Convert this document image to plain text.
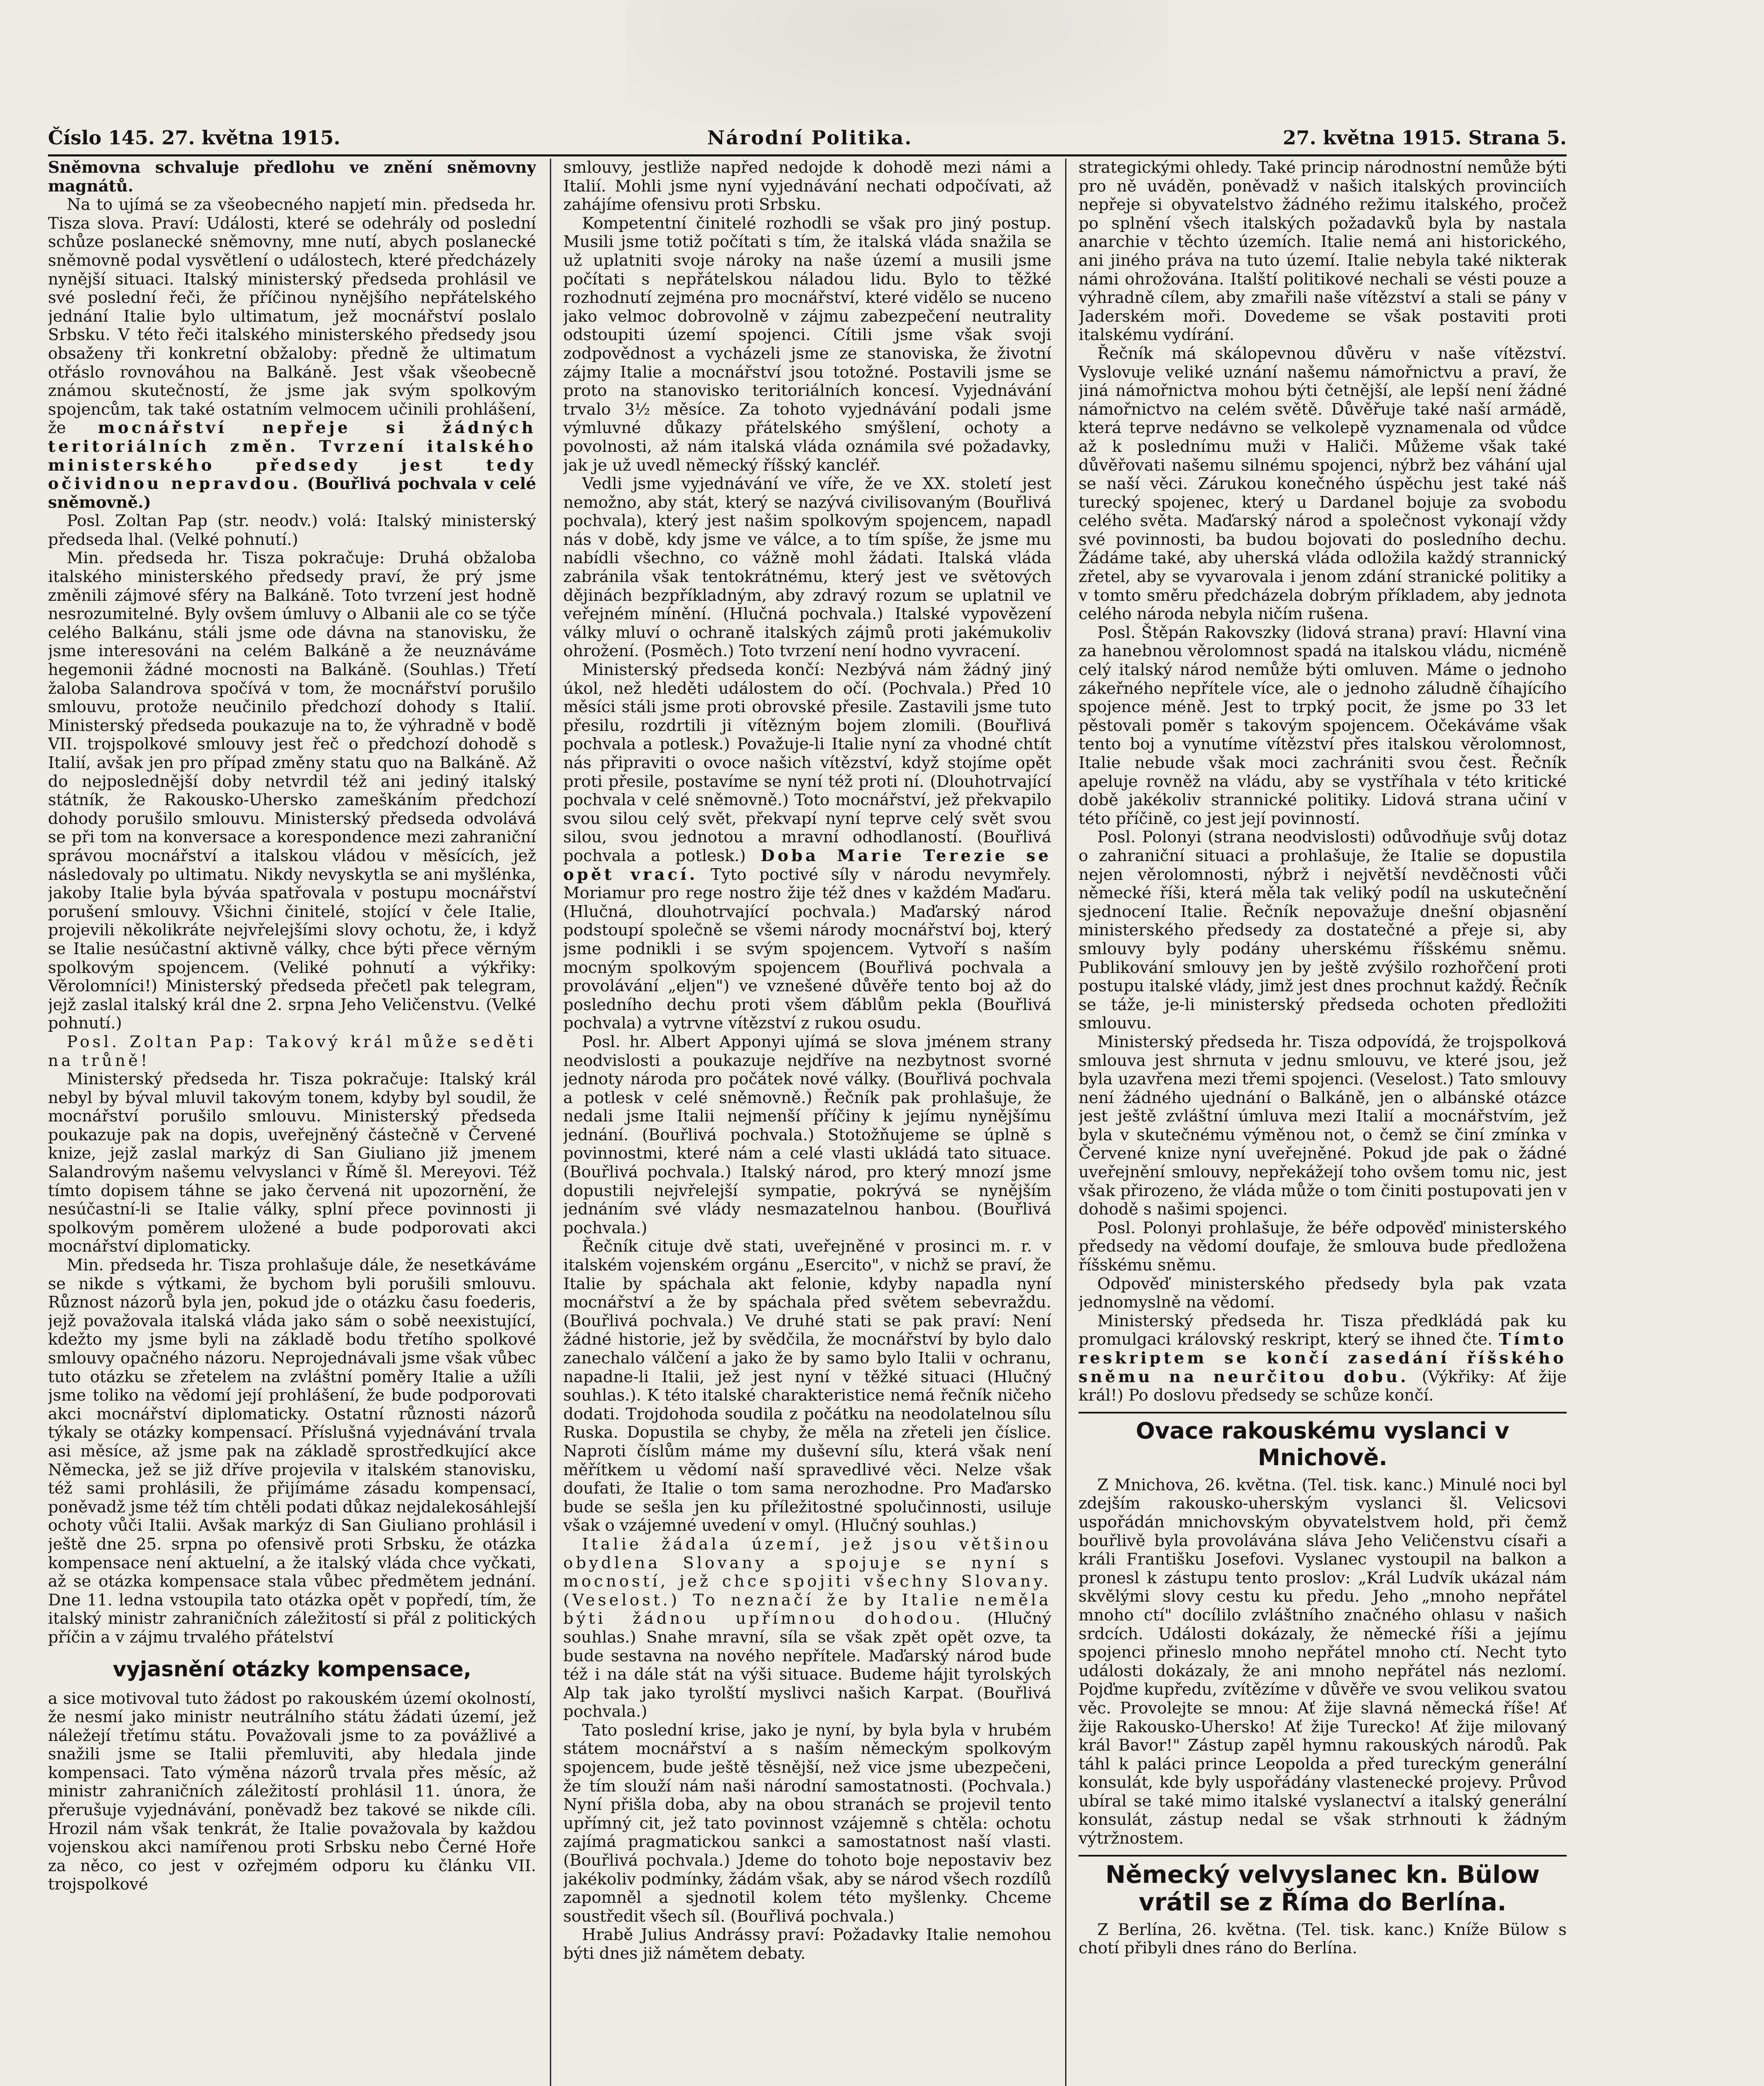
Číslo 145. 27. května 1915.	Národní Politika.	27. května 1915. Strana 5.

Sněmovna schvaluje předlohu ve znění sněmovny magnátů.

Na to ujímá se za všeobecného napjetí min. předseda hr. Tisza slova. Praví: Události, které se odehrály od poslední schůze poslanecké sněmovny, mne nutí, abych poslanecké sněmovně podal vysvětlení o událostech, které předcházely nynější situaci. Italský ministerský předseda prohlásil ve své poslední řeči, že příčinou nynějšího nepřátelského jednání Italie bylo ultimatum, jež mocnářství poslalo Srbsku. V této řeči italského ministerského předsedy jsou obsaženy tři konkretní obžaloby: předně že ultimatum otřáslo rovnováhou na Balkáně. Jest však všeobecně známou skutečností, že jsme jak svým spolkovým spojencům, tak také ostatním velmocem učinili prohlášení, že mocnářství nepřeje si žádných teritoriálních změn. Tvrzení italského ministerského předsedy jest tedy očividnou nepravdou. (Bouřlivá pochvala v celé sněmovně.)

Posl. Zoltan Pap (str. neodv.) volá: Italský ministerský předseda lhal. (Velké pohnutí.)

Min. předseda hr. Tisza pokračuje: Druhá obžaloba italského ministerského předsedy praví, že prý jsme změnili zájmové sféry na Balkáně. Toto tvrzení jest hodně nesrozumitelné. Byly ovšem úmluvy o Albanii ale co se týče celého Balkánu, stáli jsme ode dávna na stanovisku, že jsme interesováni na celém Balkáně a že neuznáváme hegemonii žádné mocnosti na Balkáně. (Souhlas.) Třetí žaloba Salandrova spočívá v tom, že mocnářství porušilo smlouvu, protože neučinilo předchozí dohody s Italií. Ministerský předseda poukazuje na to, že výhradně v bodě VII. trojspolkové smlouvy jest řeč o předchozí dohodě s Italií, avšak jen pro případ změny statu quo na Balkáně. Až do nejposlednější doby netvrdil též ani jediný italský státník, že Rakousko-Uhersko zameškáním předchozí dohody porušilo smlouvu. Ministerský předseda odvolává se při tom na konversace a korespondence mezi zahraniční správou mocnářství a italskou vládou v měsících, jež následovaly po ultimatu. Nikdy nevyskytla se ani myšlénka, jakoby Italie byla býváa spatřovala v postupu mocnářství porušení smlouvy. Všichni činitelé, stojící v čele Italie, projevili několikráte nejvřelejšími slovy ochotu, že, i když se Italie nesúčastní aktivně války, chce býti přece věrným spolkovým spojencem. (Veliké pohnutí a výkřiky: Věrolomníci!) Ministerský předseda přečetl pak telegram, jejž zaslal italský král dne 2. srpna Jeho Veličenstvu. (Velké pohnutí.)

Posl. Zoltan Pap: Takový král může seděti na trůně!

Ministerský předseda hr. Tisza pokračuje: Italský král nebyl by býval mluvil takovým tonem, kdyby byl soudil, že mocnářství porušilo smlouvu. Ministerský předseda poukazuje pak na dopis, uveřejněný částečně v Červené knize, jejž zaslal markýz di San Giuliano již jmenem Salandrovým našemu velvyslanci v Římě šl. Mereyovi. Též tímto dopisem táhne se jako červená nit upozornění, že nesúčastní-li se Italie války, splní přece povinnosti ji spolkovým poměrem uložené a bude podporovati akci mocnářství diplomaticky.

Min. předseda hr. Tisza prohlašuje dále, že nesetkáváme se nikde s výtkami, že bychom byli porušili smlouvu. Různost názorů byla jen, pokud jde o otázku času foederis, jejž považovala italská vláda jako sám o sobě neexistující, kdežto my jsme byli na základě bodu třetího spolkové smlouvy opačného názoru. Neprojednávali jsme však vůbec tuto otázku se zřetelem na zvláštní poměry Italie a užíli jsme toliko na vědomí její prohlášení, že bude podporovati akci mocnářství diplomaticky. Ostatní různosti názorů týkaly se otázky kompensací. Příslušná vyjednávání trvala asi měsíce, až jsme pak na základě sprostředkující akce Německa, jež se již dříve projevila v italském stanovisku, též sami prohlásili, že přijímáme zásadu kompensací, poněvadž jsme též tím chtěli podati důkaz nejdalekosáhlejší ochoty vůči Italii. Avšak markýz di San Giuliano prohlásil i ještě dne 25. srpna po ofensivě proti Srbsku, že otázka kompensace není aktuelní, a že italský vláda chce vyčkati, až se otázka kompensace stala vůbec předmětem jednání. Dne 11. ledna vstoupila tato otázka opět v popředí, tím, že italský ministr zahraničních záležitostí si přál z politických příčin a v zájmu trvalého přátelství

vyjasnění otázky kompensace,

a sice motivoval tuto žádost po rakouském území okolností, že nesmí jako ministr neutrálního státu žádati území, jež náležejí třetímu státu. Považovali jsme to za povážlivé a snažili jsme se Italii přemluviti, aby hledala jinde kompensaci. Tato výměna názorů trvala přes měsíc, až ministr zahraničních záležitostí prohlásil 11. února, že přerušuje vyjednávání, poněvadž bez takové se nikde cíli. Hrozil nám však tenkrát, že Italie považovala by každou vojenskou akci namířenou proti Srbsku nebo Černé Hoře za něco, co jest v ozřejmém odporu ku článku VII. trojspolkové

smlouvy, jestliže napřed nedojde k dohodě mezi námi a Italií. Mohli jsme nyní vyjednávání nechati odpočívati, až zahájíme ofensivu proti Srbsku.

Kompetentní činitelé rozhodli se však pro jiný postup. Musili jsme totiž počítati s tím, že italská vláda snažila se už uplatniti svoje nároky na naše území a musili jsme počítati s nepřátelskou náladou lidu. Bylo to těžké rozhodnutí zejména pro mocnářství, které vidělo se nuceno jako velmoc dobrovolně v zájmu zabezpečení neutrality odstoupiti území spojenci. Cítili jsme však svoji zodpovědnost a vycházeli jsme ze stanoviska, že životní zájmy Italie a mocnářství jsou totožné. Postavili jsme se proto na stanovisko teritoriálních koncesí. Vyjednávání trvalo 3½ měsíce. Za tohoto vyjednávání podali jsme výmluvné důkazy přátelského smýšlení, ochoty a povolnosti, až nám italská vláda oznámila své požadavky, jak je už uvedl německý říšský kancléř.

Vedli jsme vyjednávání ve víře, že ve XX. století jest nemožno, aby stát, který se nazývá civilisovaným (Bouřlivá pochvala), který jest našim spolkovým spojencem, napadl nás v době, kdy jsme ve válce, a to tím spíše, že jsme mu nabídli všechno, co vážně mohl žádati. Italská vláda zabránila však tentokrátnému, který jest ve světových dějinách bezpříkladným, aby zdravý rozum se uplatnil ve veřejném mínění. (Hlučná pochvala.) Italské vypovězení války mluví o ochraně italských zájmů proti jakémukoliv ohrožení. (Posměch.) Toto tvrzení není hodno vyvracení.

Ministerský předseda končí: Nezbývá nám žádný jiný úkol, než hleděti událostem do očí. (Pochvala.) Před 10 měsíci stáli jsme proti obrovské přesile. Zastavili jsme tuto přesilu, rozdrtili ji vítězným bojem zlomili. (Bouřlivá pochvala a potlesk.) Považuje-li Italie nyní za vhodné chtít nás připraviti o ovoce našich vítězství, když stojíme opět proti přesile, postavíme se nyní též proti ní. (Dlouhotrvající pochvala v celé sněmovně.) Toto mocnářství, jež překvapilo svou silou celý svět, překvapí nyní teprve celý svět svou silou, svou jednotou a mravní odhodlaností. (Bouřlivá pochvala a potlesk.) Doba Marie Terezie se opět vrací. Tyto poctivé síly v národu nevymřely. Moriamur pro rege nostro žije též dnes v každém Maďaru. (Hlučná, dlouhotrvající pochvala.) Maďarský národ podstoupí společně se všemi národy mocnářství boj, který jsme podnikli i se svým spojencem. Vytvoří s naším mocným spolkovým spojencem (Bouřlivá pochvala a provolávání „eljen") ve vznešené důvěře tento boj až do posledního dechu proti všem ďáblům pekla (Bouřlivá pochvala) a vytrvne vítězství z rukou osudu.

Posl. hr. Albert Apponyi ujímá se slova jménem strany neodvislosti a poukazuje nejdříve na nezbytnost svorné jednoty národa pro počátek nové války. (Bouřlivá pochvala a potlesk v celé sněmovně.) Řečník pak prohlašuje, že nedali jsme Italii nejmenší příčiny k jejímu nynějšímu jednání. (Bouřlivá pochvala.) Stotožňujeme se úplně s povinnostmi, které nám a celé vlasti ukládá tato situace. (Bouřlivá pochvala.) Italský národ, pro který mnozí jsme dopustili nejvřelejší sympatie, pokrývá se nynějším jednáním své vlády nesmazatelnou hanbou. (Bouřlivá pochvala.)

Řečník cituje dvě stati, uveřejněné v prosinci m. r. v italském vojenském orgánu „Esercito", v nichž se praví, že Italie by spáchala akt felonie, kdyby napadla nyní mocnářství a že by spáchala před světem sebevraždu. (Bouřlivá pochvala.) Ve druhé stati se pak praví: Není žádné historie, jež by svědčila, že mocnářství by bylo dalo zanechalo válčení a jako že by samo bylo Italii v ochranu, napadne-li Italii, jež jest nyní v těžké situaci (Hlučný souhlas.). K této italské charakteristice nemá řečník ničeho dodati. Trojdohoda soudila z počátku na neodolatelnou sílu Ruska. Dopustila se chyby, že měla na zřeteli jen číslice. Naproti číslům máme my duševní sílu, která však není měřítkem u vědomí naší spravedlivé věci. Nelze však doufati, že Italie o tom sama nerozhodne. Pro Maďarsko bude se sešla jen ku příležitostné spolučinnosti, usiluje však o vzájemné uvedení v omyl. (Hlučný souhlas.)

Italie žádala území, jež jsou většinou obydlena Slovany a spojuje se nyní s mocností, jež chce spojiti všechny Slovany. (Veselost.) To neznačí že by Italie neměla býti žádnou upřímnou dohodou. (Hlučný souhlas.) Snahe mravní, síla se však zpět opět ozve, ta bude sestavna na nového nepřítele. Maďarský národ bude též i na dále stát na výši situace. Budeme hájit tyrolských Alp tak jako tyrolští myslivci našich Karpat. (Bouřlivá pochvala.)

Tato poslední krise, jako je nyní, by byla byla v hrubém státem mocnářství a s naším německým spolkovým spojencem, bude ještě těsnější, než vice jsme ubezpečeni, že tím slouží nám naši národní samostatnosti. (Pochvala.) Nyní přišla doba, aby na obou stranách se projevil tento upřímný cit, jež tato povinnost vzájemně s chtěla: ochotu zajímá pragmatickou sankci a samostatnost naší vlasti. (Bouřlivá pochvala.) Jdeme do tohoto boje nepostaviv bez jakékoliv podmínky, žádám však, aby se národ všech rozdílů zapomněl a sjednotil kolem této myšlenky. Chceme soustředit všech síl. (Bouřlivá pochvala.)

Hrabě Julius Andrássy praví: Požadavky Italie nemohou býti dnes již námětem debaty.

strategickými ohledy. Také princip národnostní nemůže býti pro ně uváděn, poněvadž v našich italských provinciích nepřeje si obyvatelstvo žádného režimu italského, pročež po splnění všech italských požadavků byla by nastala anarchie v těchto územích. Italie nemá ani historického, ani jiného práva na tuto území. Italie nebyla také nikterak námi ohrožována. Italští politikové nechali se vésti pouze a výhradně cílem, aby zmařili naše vítězství a stali se pány v Jaderském moři. Dovedeme se však postaviti proti italskému vydírání.

Řečník má skálopevnou důvěru v naše vítězství. Vyslovuje veliké uznání našemu námořnictvu a praví, že jiná námořnictva mohou býti četnější, ale lepší není žádné námořnictvo na celém světě. Důvěřuje také naší armádě, která teprve nedávno se velkolepě vyznamenala od vůdce až k poslednímu muži v Haliči. Můžeme však také důvěřovati našemu silnému spojenci, nýbrž bez váhání ujal se naší věci. Zárukou konečného úspěchu jest také náš turecký spojenec, který u Dardanel bojuje za svobodu celého světa. Maďarský národ a společnost vykonají vždy své povinnosti, ba budou bojovati do posledního dechu. Žádáme také, aby uherská vláda odložila každý strannický zřetel, aby se vyvarovala i jenom zdání stranické politiky a v tomto směru předcházela dobrým příkladem, aby jednota celého národa nebyla ničím rušena.

Posl. Štěpán Rakovszky (lidová strana) praví: Hlavní vina za hanebnou věrolomnost spadá na italskou vládu, nicméně celý italský národ nemůže býti omluven. Máme o jednoho zákeřného nepřítele více, ale o jednoho záludně číhajícího spojence méně. Jest to trpký pocit, že jsme po 33 let pěstovali poměr s takovým spojencem. Očekáváme však tento boj a vynutíme vítězství přes italskou věrolomnost, Italie nebude však moci zachrániti svou čest. Řečník apeluje rovněž na vládu, aby se vystříhala v této kritické době jakékoliv strannické politiky. Lidová strana učiní v této příčině, co jest její povinností.

Posl. Polonyi (strana neodvislosti) odůvodňuje svůj dotaz o zahraniční situaci a prohlašuje, že Italie se dopustila nejen věrolomnosti, nýbrž i největší nevděčnosti vůči německé říši, která měla tak veliký podíl na uskutečnění sjednocení Italie. Řečník nepovažuje dnešní objasnění ministerského předsedy za dostatečné a přeje si, aby smlouvy byly podány uherskému říšskému sněmu. Publikování smlouvy jen by ještě zvýšilo rozhořčení proti postupu italské vlády, jimž jest dnes prochnut každý. Řečník se táže, je-li ministerský předseda ochoten předložiti smlouvu.

Ministerský předseda hr. Tisza odpovídá, že trojspolková smlouva jest shrnuta v jednu smlouvu, ve které jsou, jež byla uzavřena mezi třemi spojenci. (Veselost.) Tato smlouvy není žádného ujednání o Balkáně, jen o albánské otázce jest ještě zvláštní úmluva mezi Italií a mocnářstvím, jež byla v skutečnému výměnou not, o čemž se činí zmínka v Červené knize nyní uveřejněné. Pokud jde pak o žádné uveřejnění smlouvy, nepřekážejí toho ovšem tomu nic, jest však přirozeno, že vláda může o tom činiti postupovati jen v dohodě s našimi spojenci.

Posl. Polonyi prohlašuje, že béře odpověď ministerského předsedy na vědomí doufaje, že smlouva bude předložena říšskému sněmu.

Odpověď ministerského předsedy byla pak vzata jednomyslně na vědomí.

Ministerský předseda hr. Tisza předkládá pak ku promulgaci královský reskript, který se ihned čte. Tímto reskriptem se končí zasedání říšského sněmu na neurčitou dobu. (Výkřiky: Ať žije král!) Po doslovu předsedy se schůze končí.

Ovace rakouskému vyslanci v Mnichově.

Z Mnichova, 26. května. (Tel. tisk. kanc.) Minulé noci byl zdejším rakousko-uherským vyslanci šl. Velicsovi uspořádán mnichovským obyvatelstvem hold, při čemž bouřlivě byla provolávána sláva Jeho Veličenstvu císaři a králi Františku Josefovi. Vyslanec vystoupil na balkon a pronesl k zástupu tento proslov: „Král Ludvík ukázal nám skvělými slovy cestu ku předu. Jeho „mnoho nepřátel mnoho ctí" docílilo zvláštního značného ohlasu v našich srdcích. Události dokázaly, že německé říši a jejímu spojenci přineslo mnoho nepřátel mnoho ctí. Necht tyto události dokázaly, že ani mnoho nepřátel nás nezlomí. Pojďme kupředu, zvítězíme v důvěře ve svou velikou svatou věc. Provolejte se mnou: Ať žije slavná německá říše! Ať žije Rakousko-Uhersko! Ať žije Turecko! Ať žije milovaný král Bavor!" Zástup zapěl hymnu rakouských národů. Pak táhl k paláci prince Leopolda a před tureckým generální konsulát, kde byly uspořádány vlastenecké projevy. Průvod ubíral se také mimo italské vyslanectví a italský generální konsulát, zástup nedal se však strhnouti k žádným výtržnostem.

Německý velvyslanec kn. Bülow vrátil se z Říma do Berlína.

Z Berlína, 26. května. (Tel. tisk. kanc.) Kníže Bülow s chotí přibyli dnes ráno do Berlína.
